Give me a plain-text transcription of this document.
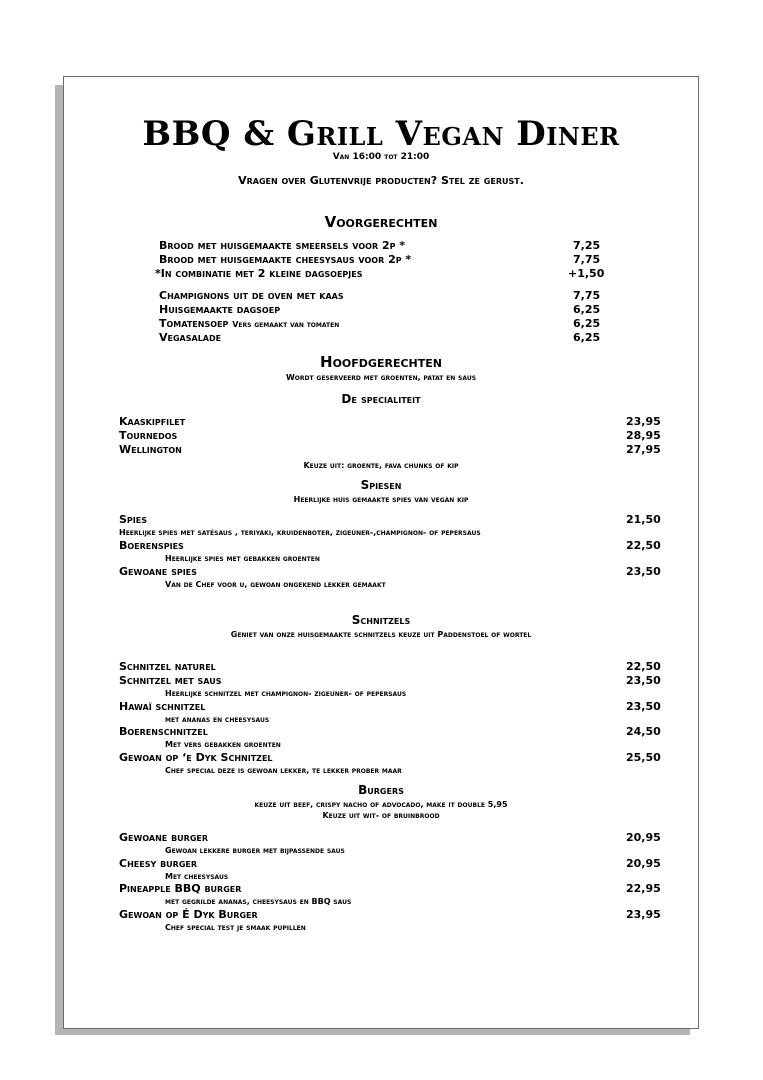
BBQ & Grill Vegan Diner
Van 16:00 tot 21:00
Vragen over Glutenvrije producten? Stel ze gerust.
Voorgerechten
Brood met huisgemaakte smeersels voor 2p *	7,25
Brood met huisgemaakte cheesysaus voor 2p *	7,75
*In combinatie met 2 kleine dagsoepjes	+1,50
Champignons uit de oven met kaas	7,75
Huisgemaakte dagsoep	6,25
Tomatensoep Vers gemaakt van tomaten	6,25
Vegasalade	6,25
Hoofdgerechten
Wordt geserveerd met groenten, patat en saus
De specialiteit
Kaaskipfilet	23,95
Tournedos	28,95
Wellington	27,95
Keuze uit: groente, fava chunks of kip
Spiesen
Heerlijke huis gemaakte spies van vegan kip
Spies	21,50
Heerlijke spies met satésaus , teriyaki, kruidenboter, zigeuner-,champignon- of pepersaus
Boerenspies	22,50
Heerlijke spies met gebakken groenten
Gewoane spies	23,50
Van de Chef voor u, gewoan ongekend lekker gemaakt
Schnitzels
Geniet van onze huisgemaakte schnitzels keuze uit Paddenstoel of wortel
Schnitzel naturel	22,50
Schnitzel met saus	23,50
Heerlijke schnitzel met champignon- zigeuner- of pepersaus
Hawaï schnitzel	23,50
met ananas en cheesysaus
Boerenschnitzel	24,50
Met vers gebakken groenten
Gewoan op ‘e Dyk Schnitzel	25,50
Chef special deze is gewoan lekker, te lekker prober maar
Burgers
keuze uit beef, crispy nacho of advocado, make it double 5,95
Keuze uit wit- of bruinbrood
Gewoane burger	20,95
Gewoan lekkere burger met bijpassende saus
Cheesy burger	20,95
Met cheesysaus
Pineapple BBQ burger	22,95
met gegrilde ananas, cheesysaus en BBQ saus
Gewoan op É Dyk Burger	23,95
Chef special test je smaak pupillen
